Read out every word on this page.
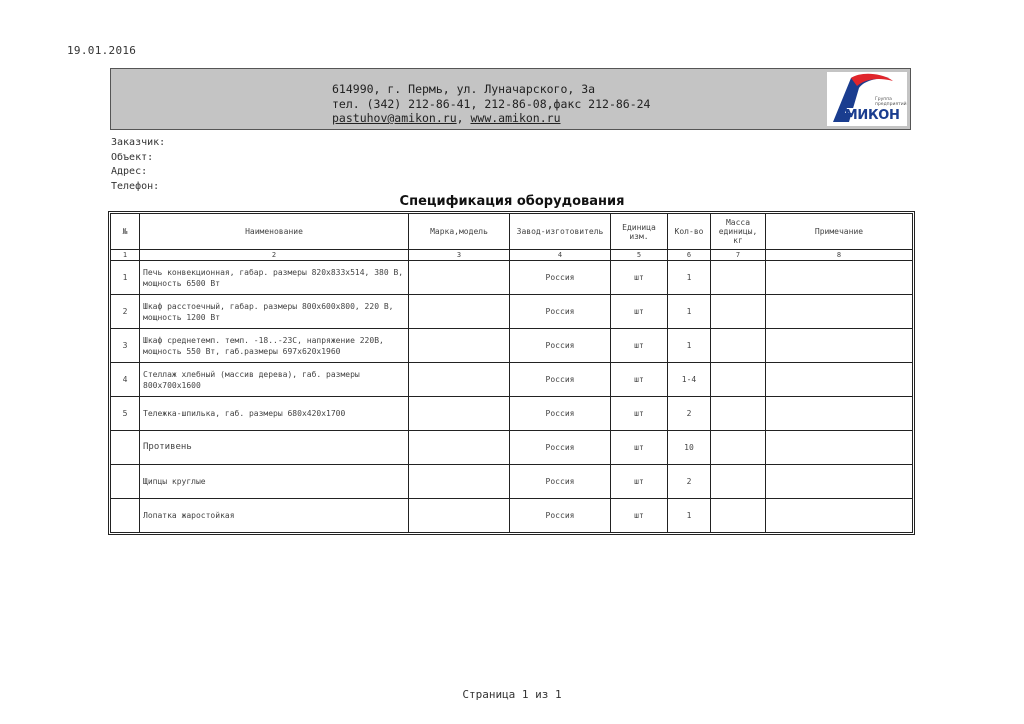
19.01.2016
614990, г. Пермь, ул. Луначарского, 3а
тел. (342) 212-86-41, 212-86-08,факс 212-86-24
pastuhov@amikon.ru, www.amikon.ru
Группа
предприятий
АМИКОН
Заказчик:
Объект:
Адрес:
Телефон:
Спецификация оборудования
№	Наименование	Марка,модель	Завод-изготовитель	Единица изм.	Кол-во	Масса единицы, кг	Примечание
1	2	3	4	5	6	7	8
1	Печь конвекционная, габар. размеры 820х833х514, 380 В, мощность 6500 Вт		Россия	шт	1		
2	Шкаф расстоечный, габар. размеры 800х600х800, 220 В, мощность 1200 Вт		Россия	шт	1		
3	Шкаф среднетемп. темп. -18..-23С, напряжение 220В, мощность 550 Вт, габ.размеры 697х620х1960		Россия	шт	1		
4	Стеллаж хлебный (массив дерева), габ. размеры 800х700х1600		Россия	шт	1-4		
5	Тележка-шпилька, габ. размеры 680х420х1700		Россия	шт	2		
	Противень		Россия	шт	10		
	Щипцы круглые		Россия	шт	2		
	Лопатка жаростойкая		Россия	шт	1		
Страница 1 из 1
